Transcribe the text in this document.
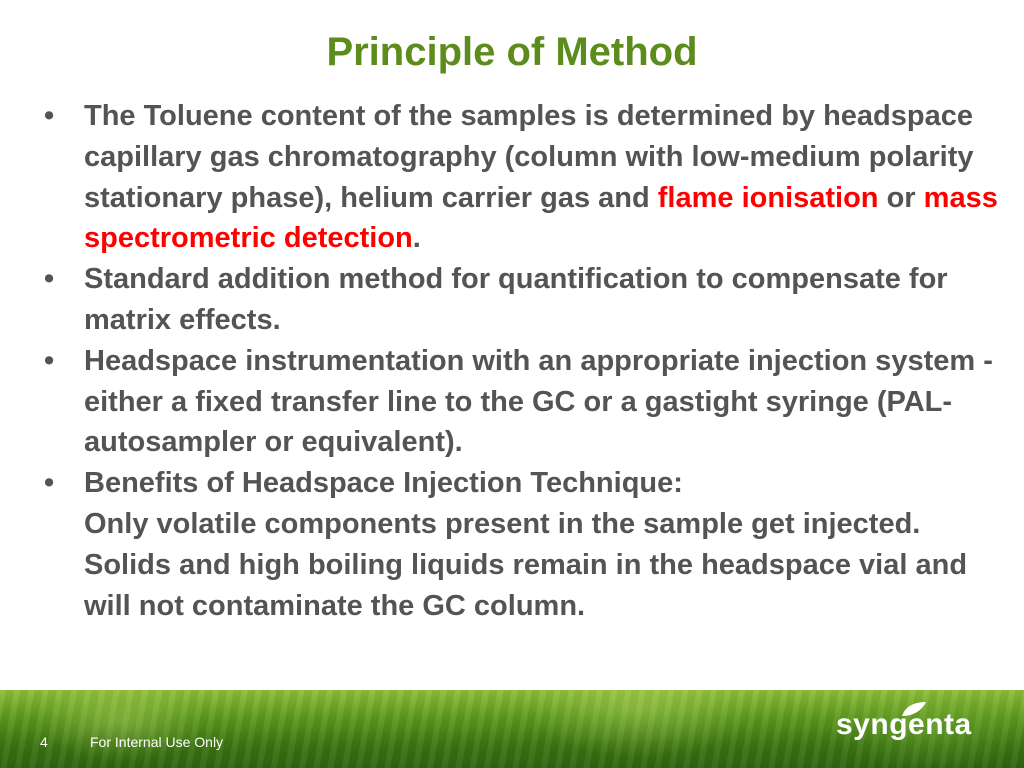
Principle of Method
• The Toluene content of the samples is determined by headspace capillary gas chromatography (column with low-medium polarity stationary phase), helium carrier gas and flame ionisation or mass spectrometric detection.
• Standard addition method for quantification to compensate for matrix effects.
• Headspace instrumentation with an appropriate injection system - either a fixed transfer line to the GC or a gastight syringe (PAL-autosampler or equivalent).
• Benefits of Headspace Injection Technique:
Only volatile components present in the sample get injected. Solids and high boiling liquids remain in the headspace vial and will not contaminate the GC column.
4	For Internal Use Only
syngenta
